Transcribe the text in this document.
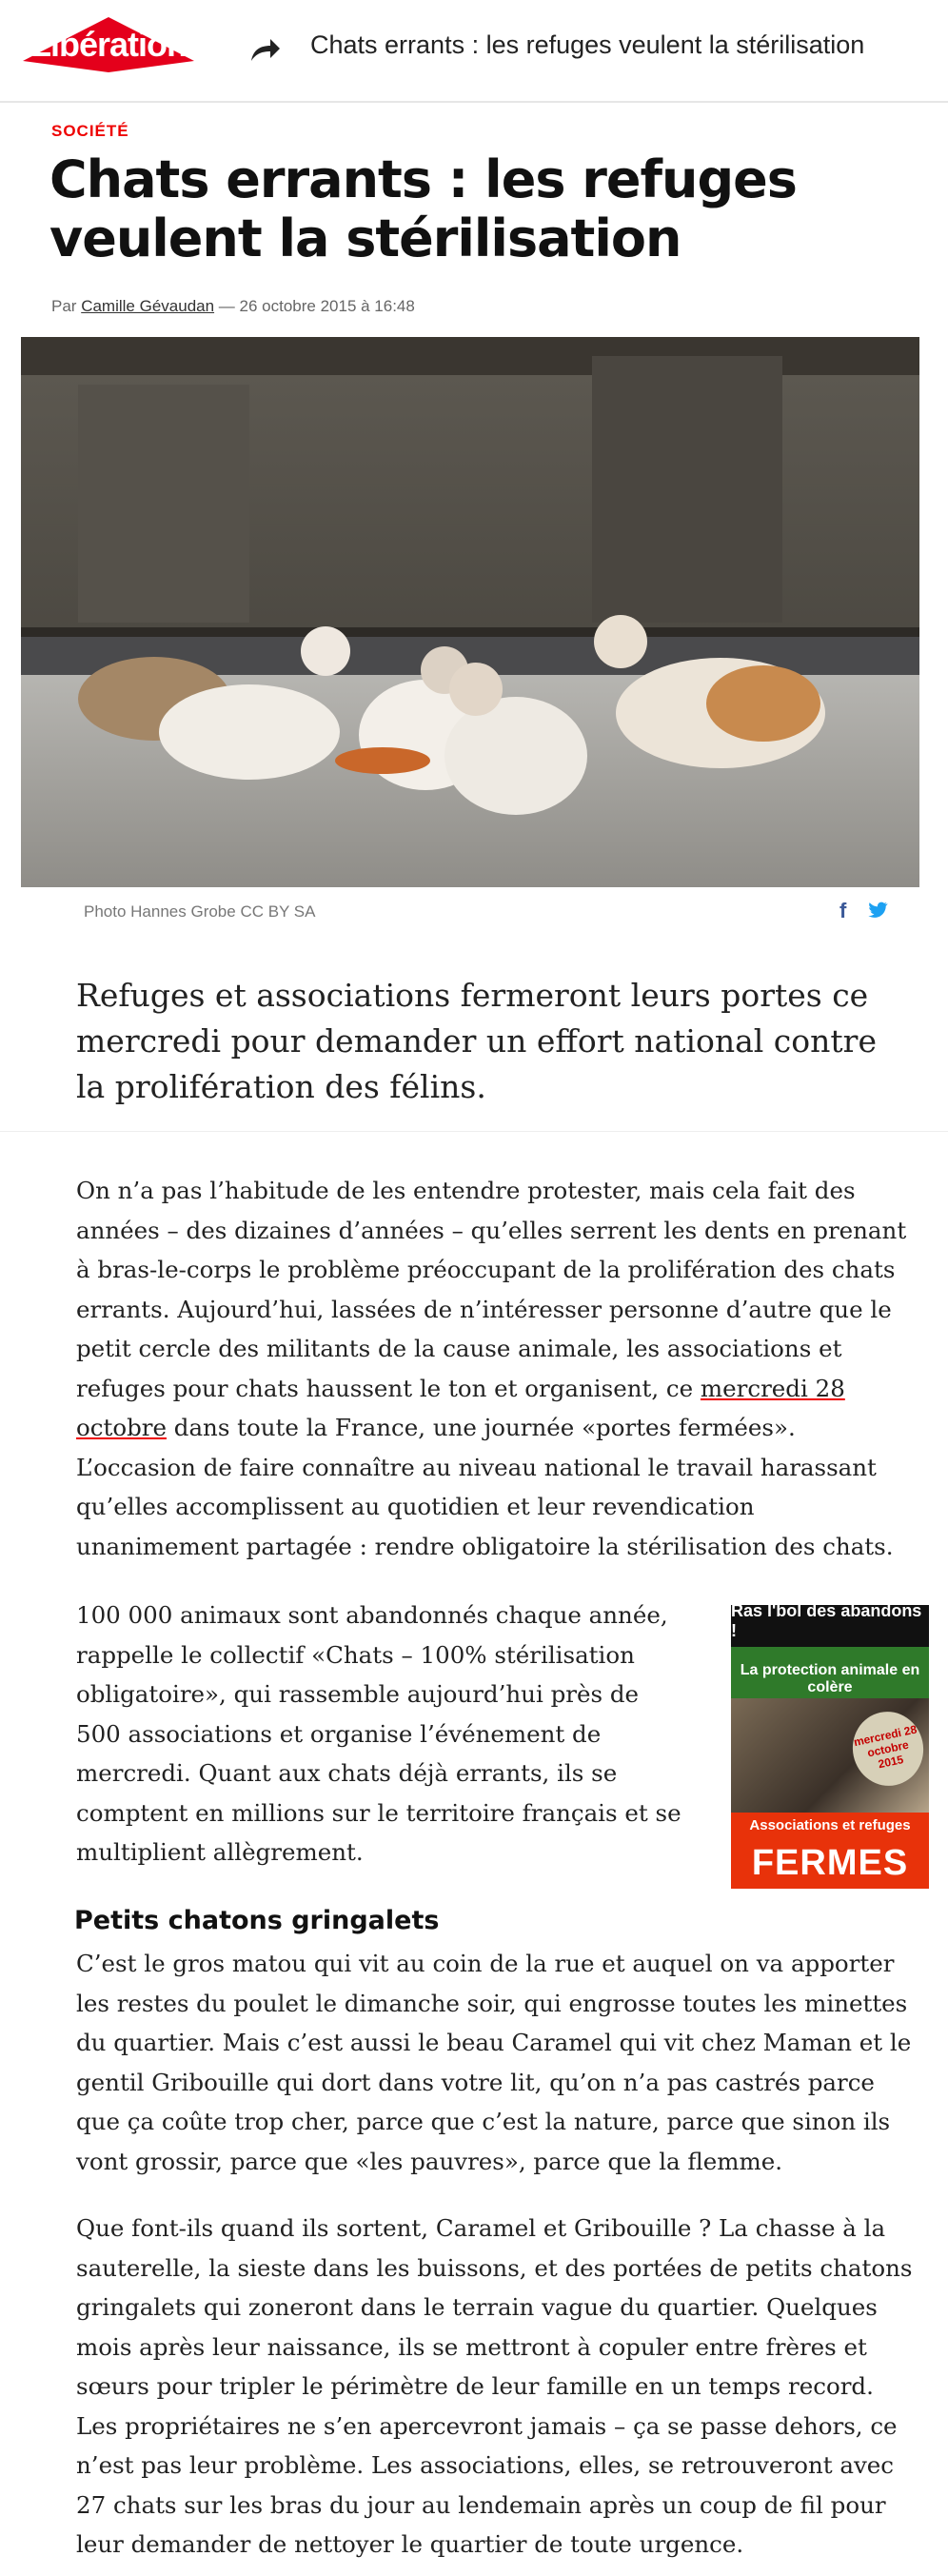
Libération	Chats errants : les refuges veulent la stérilisation
SOCIÉTÉ
Chats errants : les refuges veulent la stérilisation
Par Camille Gévaudan — 26 octobre 2015 à 16:48
Photo Hannes Grobe CC BY SA	f

Refuges et associations fermeront leurs portes ce mercredi pour demander un effort national contre la prolifération des félins.

On n’a pas l’habitude de les entendre protester, mais cela fait des années – des dizaines d’années – qu’elles serrent les dents en prenant à bras-le-corps le problème préoccupant de la prolifération des chats errants. Aujourd’hui, lassées de n’intéresser personne d’autre que le petit cercle des militants de la cause animale, les associations et refuges pour chats haussent le ton et organisent, ce mercredi 28 octobre dans toute la France, une journée «portes fermées». L’occasion de faire connaître au niveau national le travail harassant qu’elles accomplissent au quotidien et leur revendication unanimement partagée : rendre obligatoire la stérilisation des chats.

100 000 animaux sont abandonnés chaque année, rappelle le collectif «Chats – 100% stérilisation obligatoire», qui rassemble aujourd’hui près de 500 associations et organise l’événement de mercredi. Quant aux chats déjà errants, ils se comptent en millions sur le territoire français et se multiplient allègrement.

Ras l'bol des abandons !
La protection animale en colère
mercredi 28 octobre 2015
Associations et refuges
FERMES
Petits chatons gringalets

C’est le gros matou qui vit au coin de la rue et auquel on va apporter les restes du poulet le dimanche soir, qui engrosse toutes les minettes du quartier. Mais c’est aussi le beau Caramel qui vit chez Maman et le gentil Gribouille qui dort dans votre lit, qu’on n’a pas castrés parce que ça coûte trop cher, parce que c’est la nature, parce que sinon ils vont grossir, parce que «les pauvres», parce que la flemme.

Que font-ils quand ils sortent, Caramel et Gribouille ? La chasse à la sauterelle, la sieste dans les buissons, et des portées de petits chatons gringalets qui zoneront dans le terrain vague du quartier. Quelques mois après leur naissance, ils se mettront à copuler entre frères et sœurs pour tripler le périmètre de leur famille en un temps record. Les propriétaires ne s’en apercevront jamais – ça se passe dehors, ce n’est pas leur problème. Les associations, elles, se retrouveront avec 27 chats sur les bras du jour au lendemain après un coup de fil pour leur demander de nettoyer le quartier de toute urgence.
